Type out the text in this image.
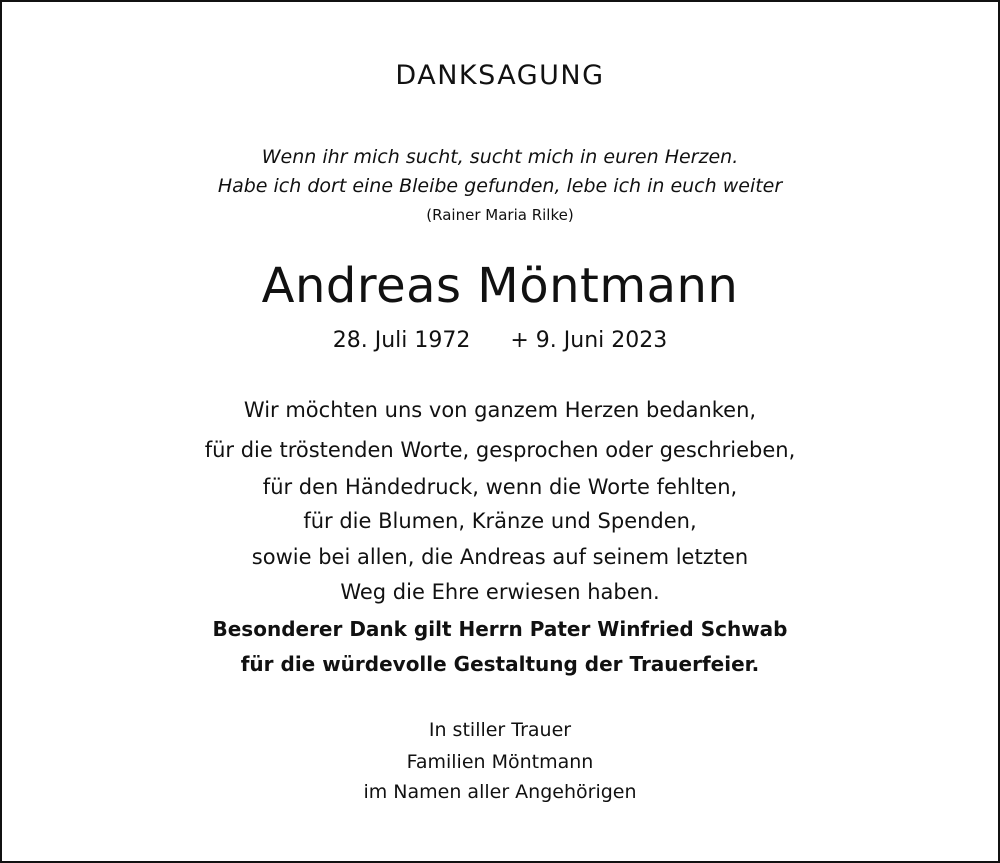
DANKSAGUNG
Wenn ihr mich sucht, sucht mich in euren Herzen.
Habe ich dort eine Bleibe gefunden, lebe ich in euch weiter
(Rainer Maria Rilke)
Andreas Möntmann
28. Juli 1972 + 9. Juni 2023
Wir möchten uns von ganzem Herzen bedanken,
für die tröstenden Worte, gesprochen oder geschrieben,
für den Händedruck, wenn die Worte fehlten,
für die Blumen, Kränze und Spenden,
sowie bei allen, die Andreas auf seinem letzten
Weg die Ehre erwiesen haben.
Besonderer Dank gilt Herrn Pater Winfried Schwab
für die würdevolle Gestaltung der Trauerfeier.
In stiller Trauer
Familien Möntmann
im Namen aller Angehörigen
